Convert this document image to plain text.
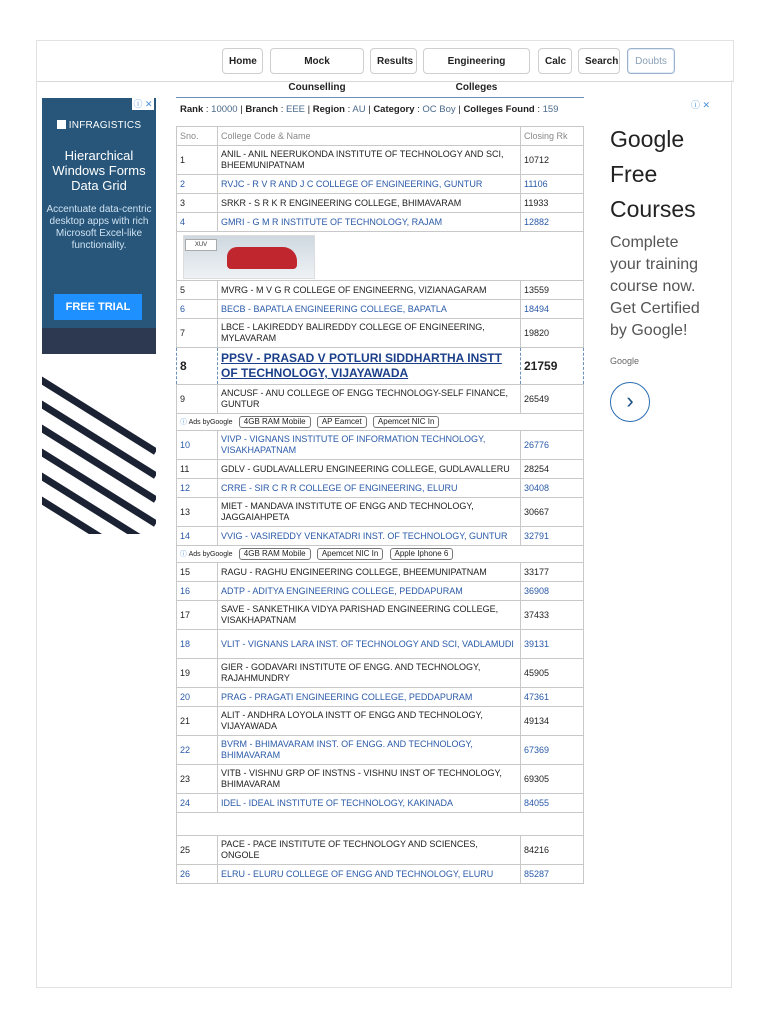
Home	Mock Counselling
Results	Engineering Colleges
Calc	Search	Doubts
ⓘ ✕
INFRAGISTICS
Hierarchical Windows Forms Data Grid
Accentuate data-centric desktop apps with rich Microsoft Excel-like functionality.
FREE TRIAL
Rank : 10000 | Branch : EEE | Region : AU | Category : OC Boy | Colleges Found : 159
Sno.	College Code & Name	Closing Rk
1	ANIL - ANIL NEERUKONDA INSTITUTE OF TECHNOLOGY AND SCI, BHEEMUNIPATNAM	10712
2	RVJC - R V R AND J C COLLEGE OF ENGINEERING, GUNTUR	11106
3	SRKR - S R K R ENGINEERING COLLEGE, BHIMAVARAM	11933
4	GMRI - G M R INSTITUTE OF TECHNOLOGY, RAJAM	12882

XUV		

5	MVRG - M V G R COLLEGE OF ENGINEERNG, VIZIANAGARAM	13559
6	BECB - BAPATLA ENGINEERING COLLEGE, BAPATLA	18494
7	LBCE - LAKIREDDY BALIREDDY COLLEGE OF ENGINEERING, MYLAVARAM	19820
8	PPSV - PRASAD V POTLURI SIDDHARTHA INSTT OF TECHNOLOGY, VIJAYAWADA	21759
9	ANCUSF - ANU COLLEGE OF ENGG TECHNOLOGY-SELF FINANCE, GUNTUR	26549
ⓘ Ads byGoogle 4GB RAM Mobile AP Eamcet Apemcet NIC In		
10	VIVP - VIGNANS INSTITUTE OF INFORMATION TECHNOLOGY, VISAKHAPATNAM	26776
11	GDLV - GUDLAVALLERU ENGINEERING COLLEGE, GUDLAVALLERU	28254
12	CRRE - SIR C R R COLLEGE OF ENGINEERING, ELURU	30408
13	MIET - MANDAVA INSTITUTE OF ENGG AND TECHNOLOGY, JAGGAIAHPETA	30667
14	VVIG - VASIREDDY VENKATADRI INST. OF TECHNOLOGY, GUNTUR	32791
ⓘ Ads byGoogle 4GB RAM Mobile Apemcet NIC In Apple Iphone 6		
15	RAGU - RAGHU ENGINEERING COLLEGE, BHEEMUNIPATNAM	33177
16	ADTP - ADITYA ENGINEERING COLLEGE, PEDDAPURAM	36908
17	SAVE - SANKETHIKA VIDYA PARISHAD ENGINEERING COLLEGE, VISAKHAPATNAM	37433
18	VLIT - VIGNANS LARA INST. OF TECHNOLOGY AND SCI, VADLAMUDI	39131
19	GIER - GODAVARI INSTITUTE OF ENGG. AND TECHNOLOGY, RAJAHMUNDRY	45905
20	PRAG - PRAGATI ENGINEERING COLLEGE, PEDDAPURAM	47361
21	ALIT - ANDHRA LOYOLA INSTT OF ENGG AND TECHNOLOGY, VIJAYAWADA	49134
22	BVRM - BHIMAVARAM INST. OF ENGG. AND TECHNOLOGY, BHIMAVARAM	67369
23	VITB - VISHNU GRP OF INSTNS - VISHNU INST OF TECHNOLOGY, BHIMAVARAM	69305
24	IDEL - IDEAL INSTITUTE OF TECHNOLOGY, KAKINADA	84055

25	PACE - PACE INSTITUTE OF TECHNOLOGY AND SCIENCES, ONGOLE	84216
26	ELRU - ELURU COLLEGE OF ENGG AND TECHNOLOGY, ELURU	85287
ⓘ ✕
Google Free Courses
Complete your training course now. Get Certified by Google!
Google
›
